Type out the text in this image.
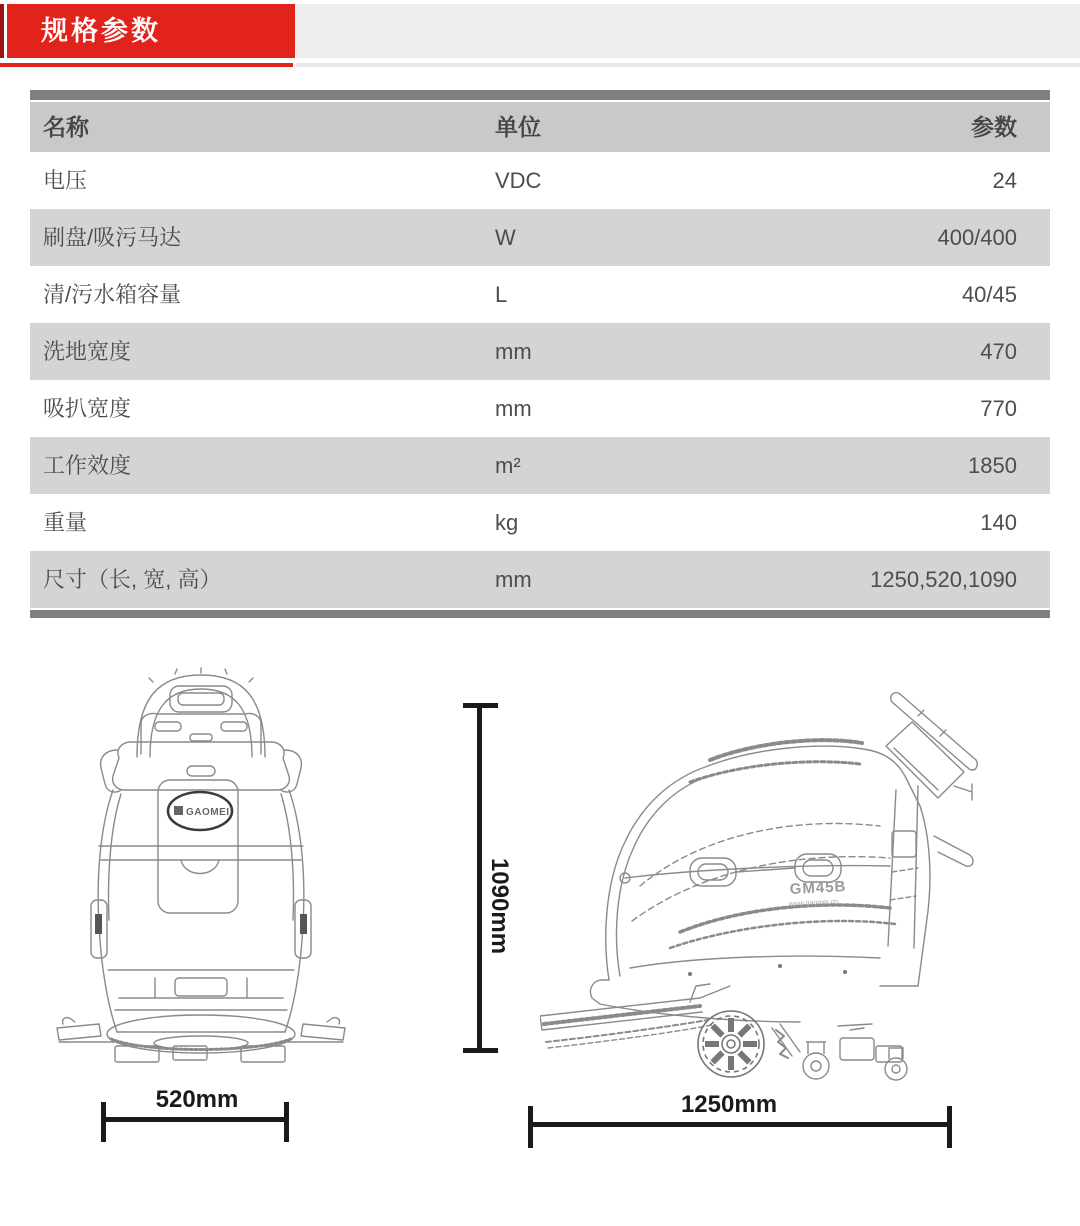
规格参数
名称	单位	参数
电压	VDC	24
刷盘/吸污马达	W	400/400
清/污水箱容量	L	40/45
洗地宽度	mm	470
吸扒宽度	mm	770
工作效度	m²	1850
重量	kg	140
尺寸（长, 宽, 高）	mm	1250,520,1090
GAOMEI
GM45B
www.gaomei.cn
1090mm
520mm	1250mm
